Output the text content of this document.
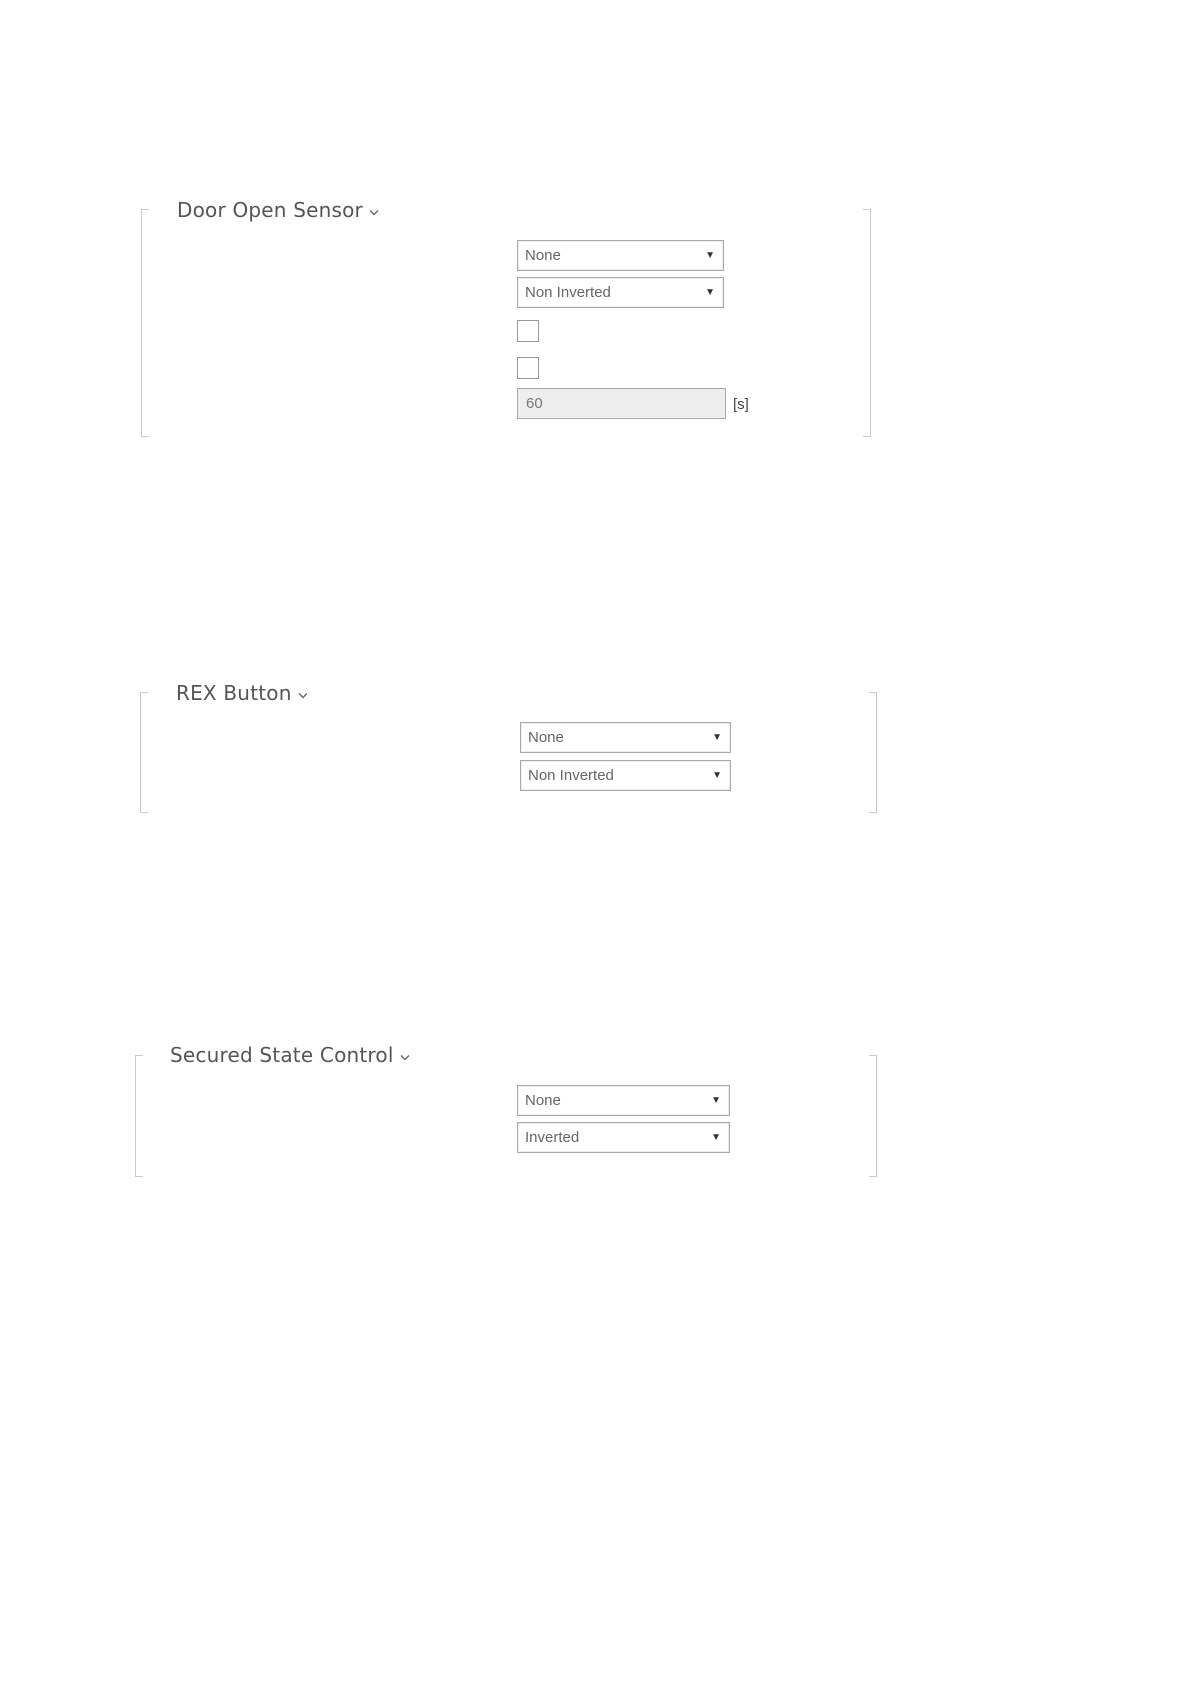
Door Open Sensor
None	▼
Non Inverted	▼
60	[s]
REX Button
None	▼
Non Inverted	▼
Secured State Control
None	▼
Inverted	▼
